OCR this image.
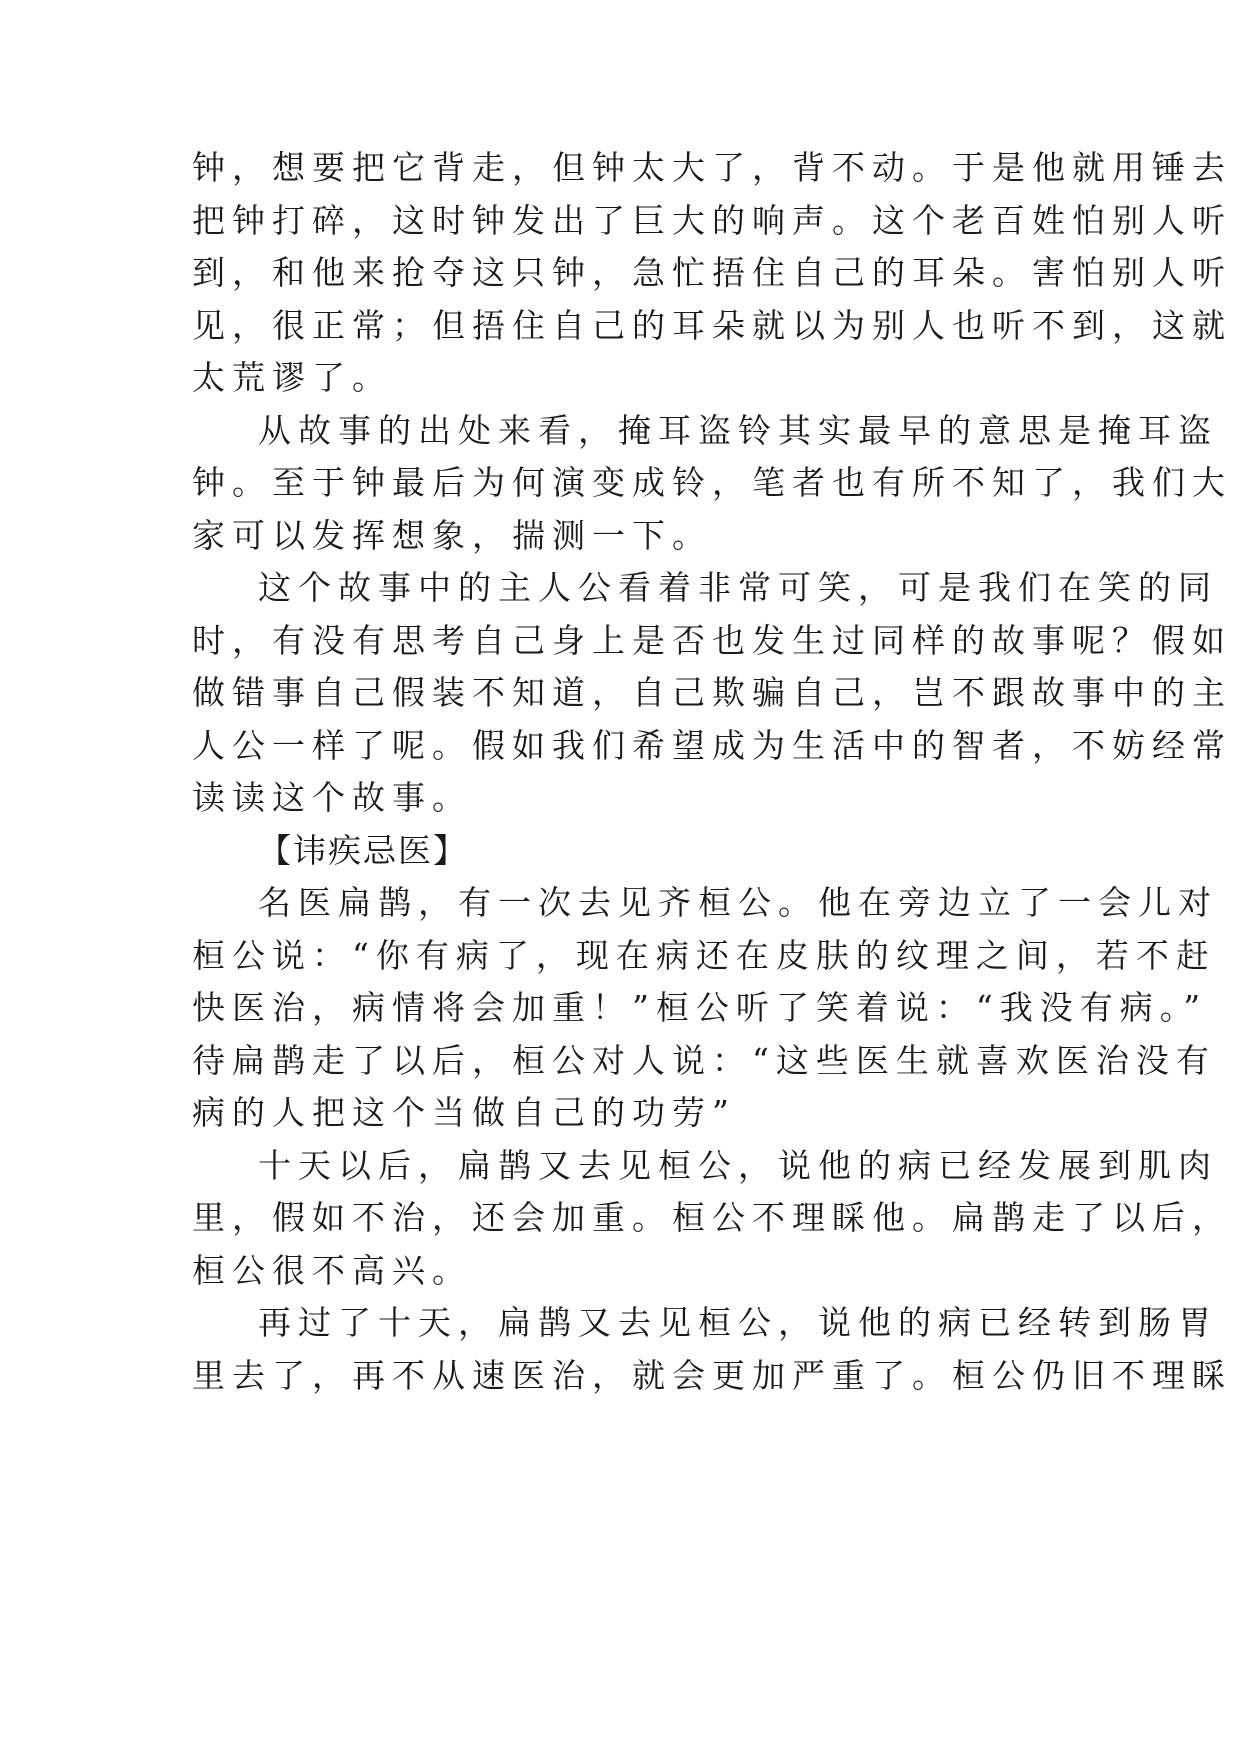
钟，想要把它背走，但钟太大了，背不动。于是他就用锤去
把钟打碎，这时钟发出了巨大的响声。这个老百姓怕别人听
到，和他来抢夺这只钟，急忙捂住自己的耳朵。害怕别人听
见，很正常；但捂住自己的耳朵就以为别人也听不到，这就
太荒谬了。
从故事的出处来看，掩耳盗铃其实最早的意思是掩耳盗
钟。至于钟最后为何演变成铃，笔者也有所不知了，我们大
家可以发挥想象，揣测一下。
这个故事中的主人公看着非常可笑，可是我们在笑的同
时，有没有思考自己身上是否也发生过同样的故事呢？假如
做错事自己假装不知道，自己欺骗自己，岂不跟故事中的主
人公一样了呢。假如我们希望成为生活中的智者，不妨经常
读读这个故事。
【讳疾忌医】
名医扁鹊，有一次去见齐桓公。他在旁边立了一会儿对
桓公说：“你有病了，现在病还在皮肤的纹理之间，若不赶
快医治，病情将会加重！”桓公听了笑着说：“我没有病。”
待扁鹊走了以后，桓公对人说：“这些医生就喜欢医治没有
病的人把这个当做自己的功劳”
十天以后，扁鹊又去见桓公，说他的病已经发展到肌肉
里，假如不治，还会加重。桓公不理睬他。扁鹊走了以后，
桓公很不高兴。
再过了十天，扁鹊又去见桓公，说他的病已经转到肠胃
里去了，再不从速医治，就会更加严重了。桓公仍旧不理睬
